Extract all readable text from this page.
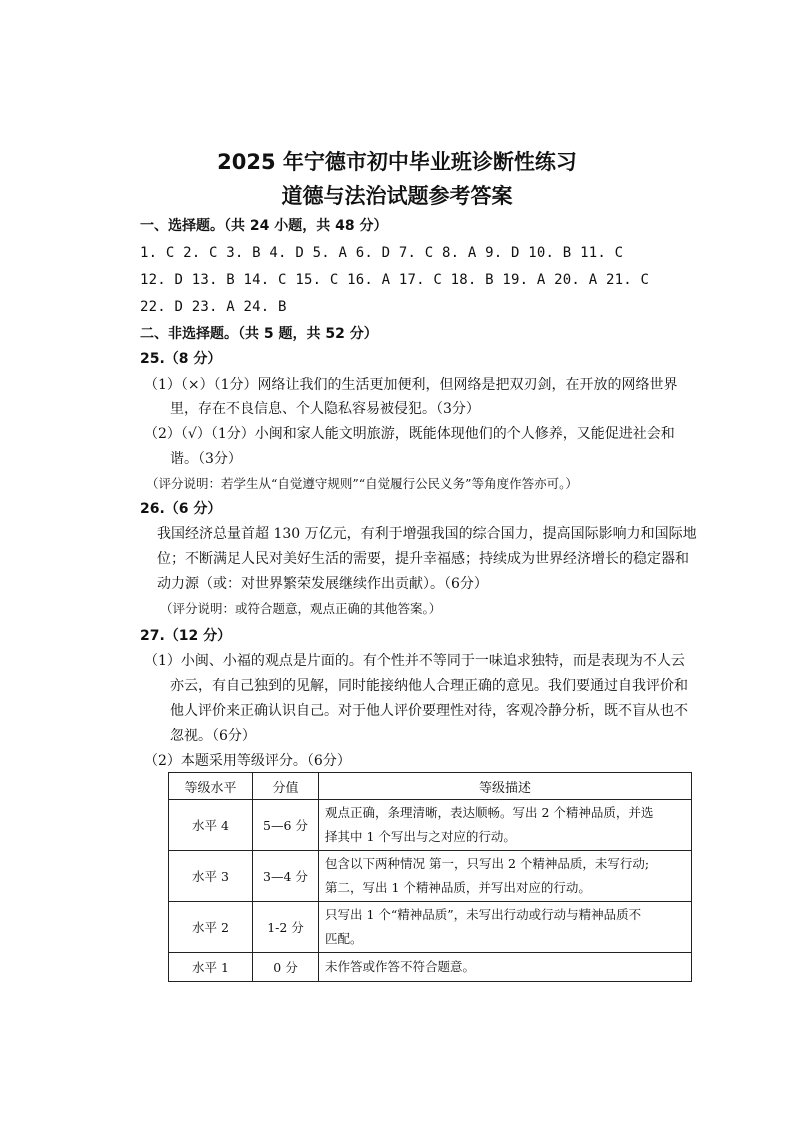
2025 年宁德市初中毕业班诊断性练习
道德与法治试题参考答案
一、选择题。（共 24 小题，共 48 分）
1. C 2. C 3. B 4. D 5. A 6. D 7. C 8. A 9. D 10. B 11. C
12. D 13. B 14. C 15. C 16. A 17. C 18. B 19. A 20. A 21. C
22. D 23. A 24. B
二、非选择题。（共 5 题，共 52 分）
25.（8 分）
（1）（×）（1分）网络让我们的生活更加便利，但网络是把双刃剑，在开放的网络世界
里，存在不良信息、个人隐私容易被侵犯。（3分）
（2）（√）（1分）小闽和家人能文明旅游，既能体现他们的个人修养，又能促进社会和
谐。（3分）
（评分说明：若学生从“自觉遵守规则”“自觉履行公民义务”等角度作答亦可。）
26.（6 分）
我国经济总量首超 130 万亿元，有利于增强我国的综合国力，提高国际影响力和国际地
位；不断满足人民对美好生活的需要，提升幸福感；持续成为世界经济增长的稳定器和
动力源（或：对世界繁荣发展继续作出贡献）。（6分）
（评分说明：或符合题意，观点正确的其他答案。）
27.（12 分）
（1）小闽、小福的观点是片面的。有个性并不等同于一味追求独特，而是表现为不人云
亦云，有自己独到的见解，同时能接纳他人合理正确的意见。我们要通过自我评价和
他人评价来正确认识自己。对于他人评价要理性对待，客观冷静分析，既不盲从也不
忽视。（6分）
（2）本题采用等级评分。（6分）
等级水平	分值	等级描述
水平 4	5—6 分	观点正确，条理清晰，表达顺畅。写出 2 个精神品质，并选
择其中 1 个写出与之对应的行动。

水平 3	3—4 分	包含以下两种情况 第一，只写出 2 个精神品质，未写行动;
第二，写出 1 个精神品质，并写出对应的行动。

水平 2	1-2 分	只写出 1 个“精神品质”，未写出行动或行动与精神品质不
匹配。

水平 1	0 分	未作答或作答不符合题意。
